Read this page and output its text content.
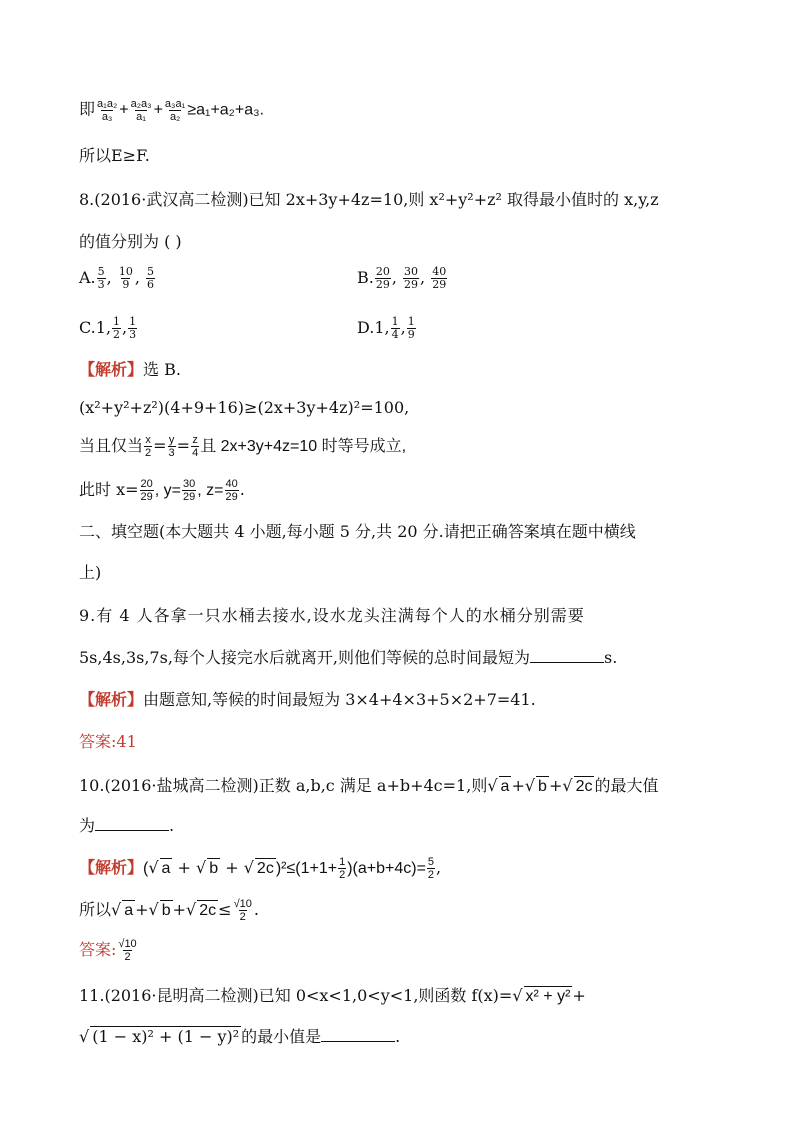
即 $\frac{\text{a₁a₂}}{\text{a₃}} + \frac{\text{a₂a₃}}{\text{a₁}} + \frac{\text{a₃a₁}}{\text{a₂}} \ge a_1+a_2+a_3$.
所以E≥F.
8.(2016·武汉高二检测)已知 2x+3y+4z=10,则 x²+y²+z² 取得最小值时的 x,y,z
的值分别为 ( )
A. $\frac{5}{3}$ , $\frac{10}{9}$ , $\frac{5}{6}$	B. $\frac{20}{29}$ , $\frac{30}{29}$ , $\frac{40}{29}$
C.1, $\frac{1}{2}$ , $\frac{1}{3}$	D.1, $\frac{1}{4}$ , $\frac{1}{9}$
【解析】选 B.
(x²+y²+z²)(4+9+16)≥(2x+3y+4z)²=100,
当且仅当 $\frac{x}{2} = \frac{y}{3} = \frac{z}{4}$ 且 2x+3y+4z=10 时等号成立,
此时 $x= \frac{20}{29}$ , $y= \frac{30}{29}$ , $z= \frac{40}{29}$ .
二、填空题(本大题共 4 小题,每小题 5 分,共 20 分.请把正确答案填在题中横线
上)
9.有 4 人各拿一只水桶去接水,设水龙头注满每个人的水桶分别需要
5s,4s,3s,7s,每个人接完水后就离开,则他们等候的总时间最短为	s.
【解析】由题意知,等候的时间最短为 3×4+4×3+5×2+7=41.
答案:41
10.(2016·盐城高二检测)正数 a,b,c 满足 a+b+4c=1,则√ a +√ b +√ 2c 的最大值
为	.
【解析】(√ a + √ b + √ 2c )$^2\le(1+1+ \frac{1}{2} )(a+b+4c)= \frac{5}{2}$ ,
所以√ a +√ b +√ $2c \le \frac{√10}{2}$ .
答案: $\frac{√10}{2}$
11.(2016·昆明高二检测)已知 0<x<1,0<y<1,则函数 f(x)=√ x² + y² +
√ (1 − x)² + (1 − y)² 的最小值是	.
